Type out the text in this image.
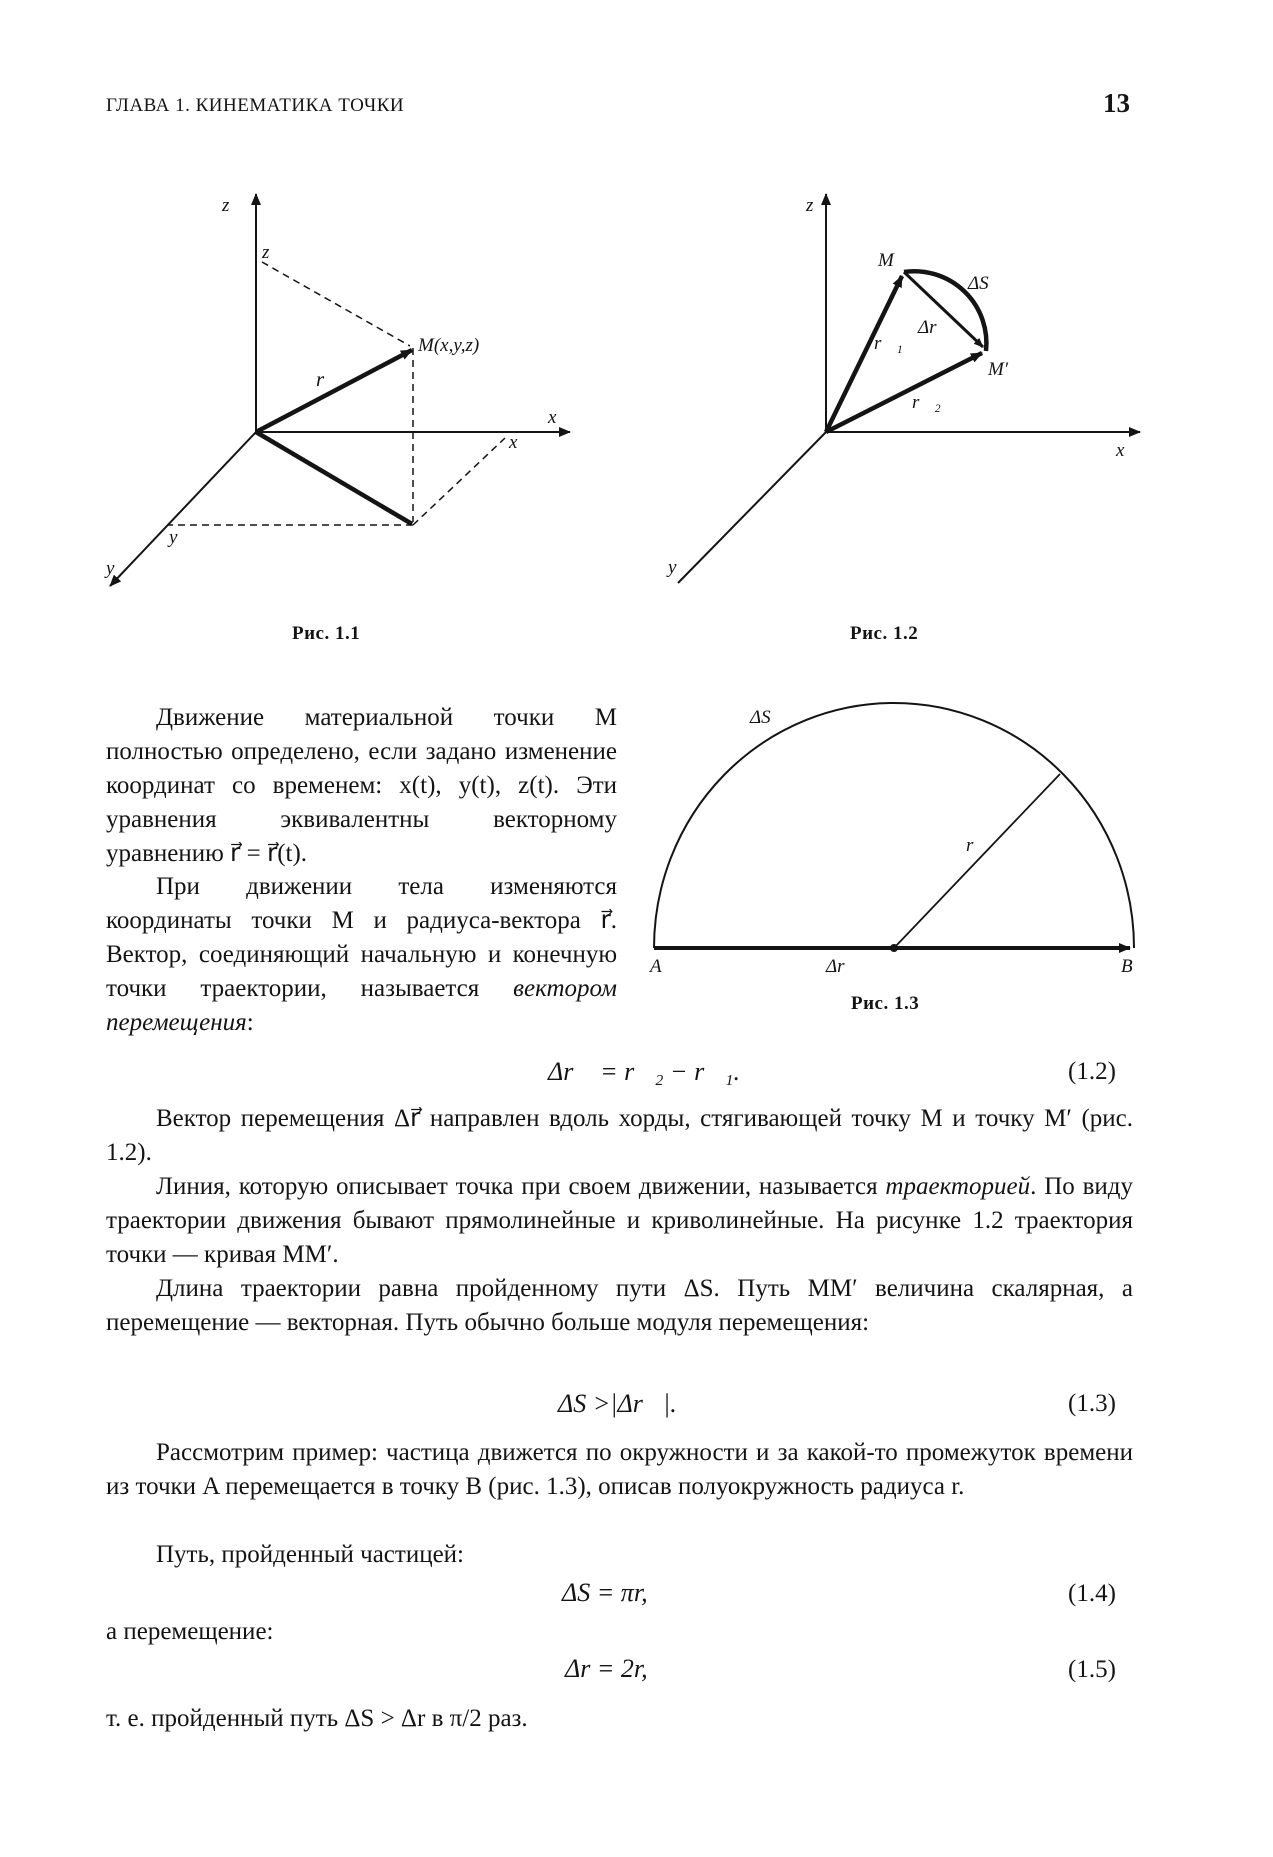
ГЛАВА 1. КИНЕМАТИКА ТОЧКИ	13
z
z
x
x
y
y
M(x,y,z)
r⃗
z
x
y
M
M′
ΔS
Δr⃗
r⃗₁
r⃗₂
Рис. 1.1	Рис. 1.2
ΔS
r
A	B
Δr⃗
Рис. 1.3

Движение материальной точки M полностью определено, если задано изменение координат со временем: x(t), y(t), z(t). Эти уравнения эквивалентны векторному уравнению r⃗ = r⃗(t).

При движении тела изменяются координаты точки M и радиуса-вектора r⃗. Вектор, соединяющий начальную и конечную точки траектории, называется вектором перемещения:

Δr⃗ = r⃗₂ − r⃗₁.	(1.2)

Вектор перемещения Δr⃗ направлен вдоль хорды, стягивающей точку M и точку M′ (рис. 1.2).

Линия, которую описывает точка при своем движении, называется траекторией. По виду траектории движения бывают прямолинейные и криволинейные. На рисунке 1.2 траектория точки — кривая MM′.

Длина траектории равна пройденному пути ΔS. Путь MM′ величина скалярная, а перемещение — векторная. Путь обычно больше модуля перемещения:

ΔS >|Δr⃗|.	(1.3)

Рассмотрим пример: частица движется по окружности и за какой-то промежуток времени из точки A перемещается в точку B (рис. 1.3), описав полуокружность радиуса r.

Путь, пройденный частицей:

ΔS = πr,	(1.4)

а перемещение:

Δr = 2r,	(1.5)

т. е. пройденный путь ΔS > Δr в π/2 раз.
